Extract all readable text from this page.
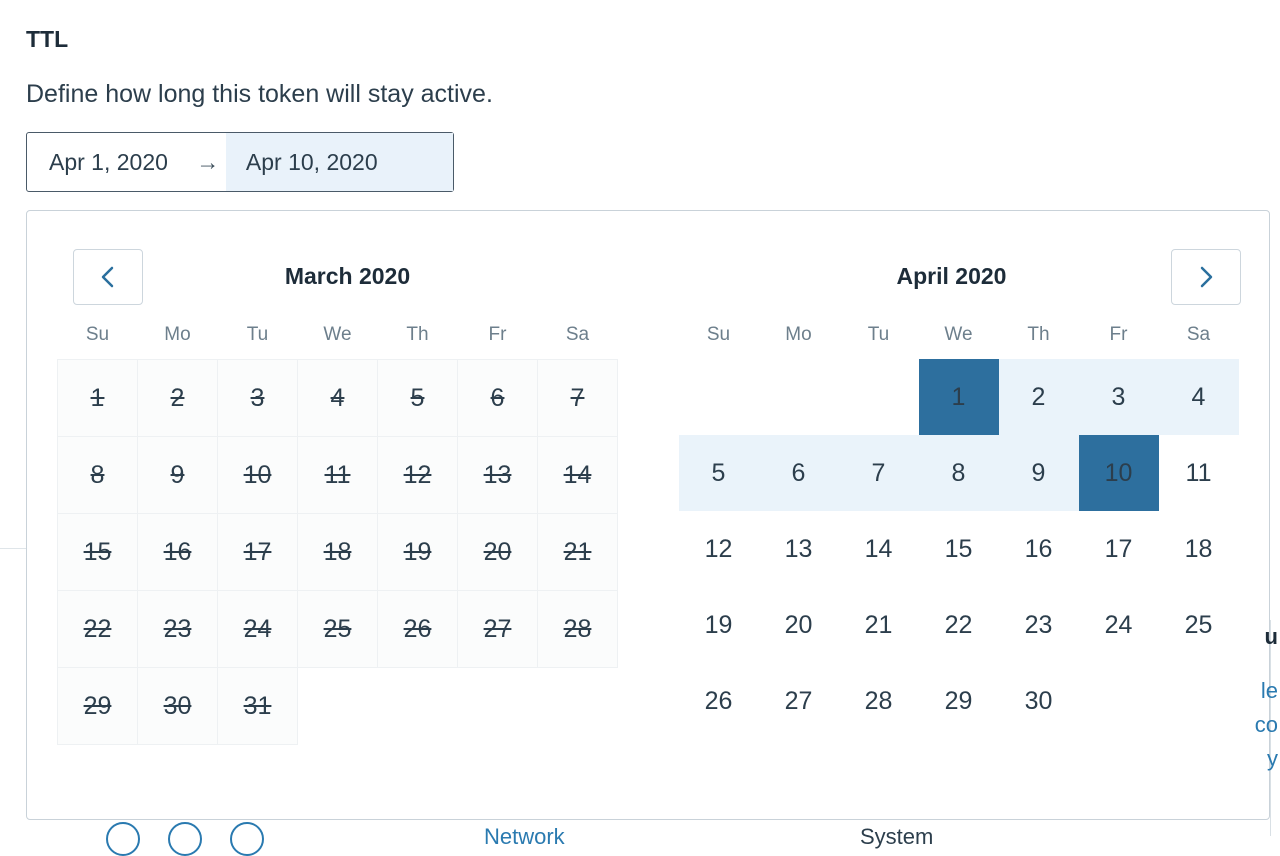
TTL
Define how long this token will stay active.
Apr 1, 2020	→	Apr 10, 2020
March 2020
Su	Mo	Tu	We	Th	Fr	Sa
1	2	3	4	5	6	7
8	9	10	11	12	13	14
15	16	17	18	19	20	21
22	23	24	25	26	27	28
29	30	31				
April 2020
Su	Mo	Tu	We	Th	Fr	Sa
			1	2	3	4
5	6	7	8	9	10	11
12	13	14	15	16	17	18
19	20	21	22	23	24	25
26	27	28	29	30		
u
le
co
y
Network	System
